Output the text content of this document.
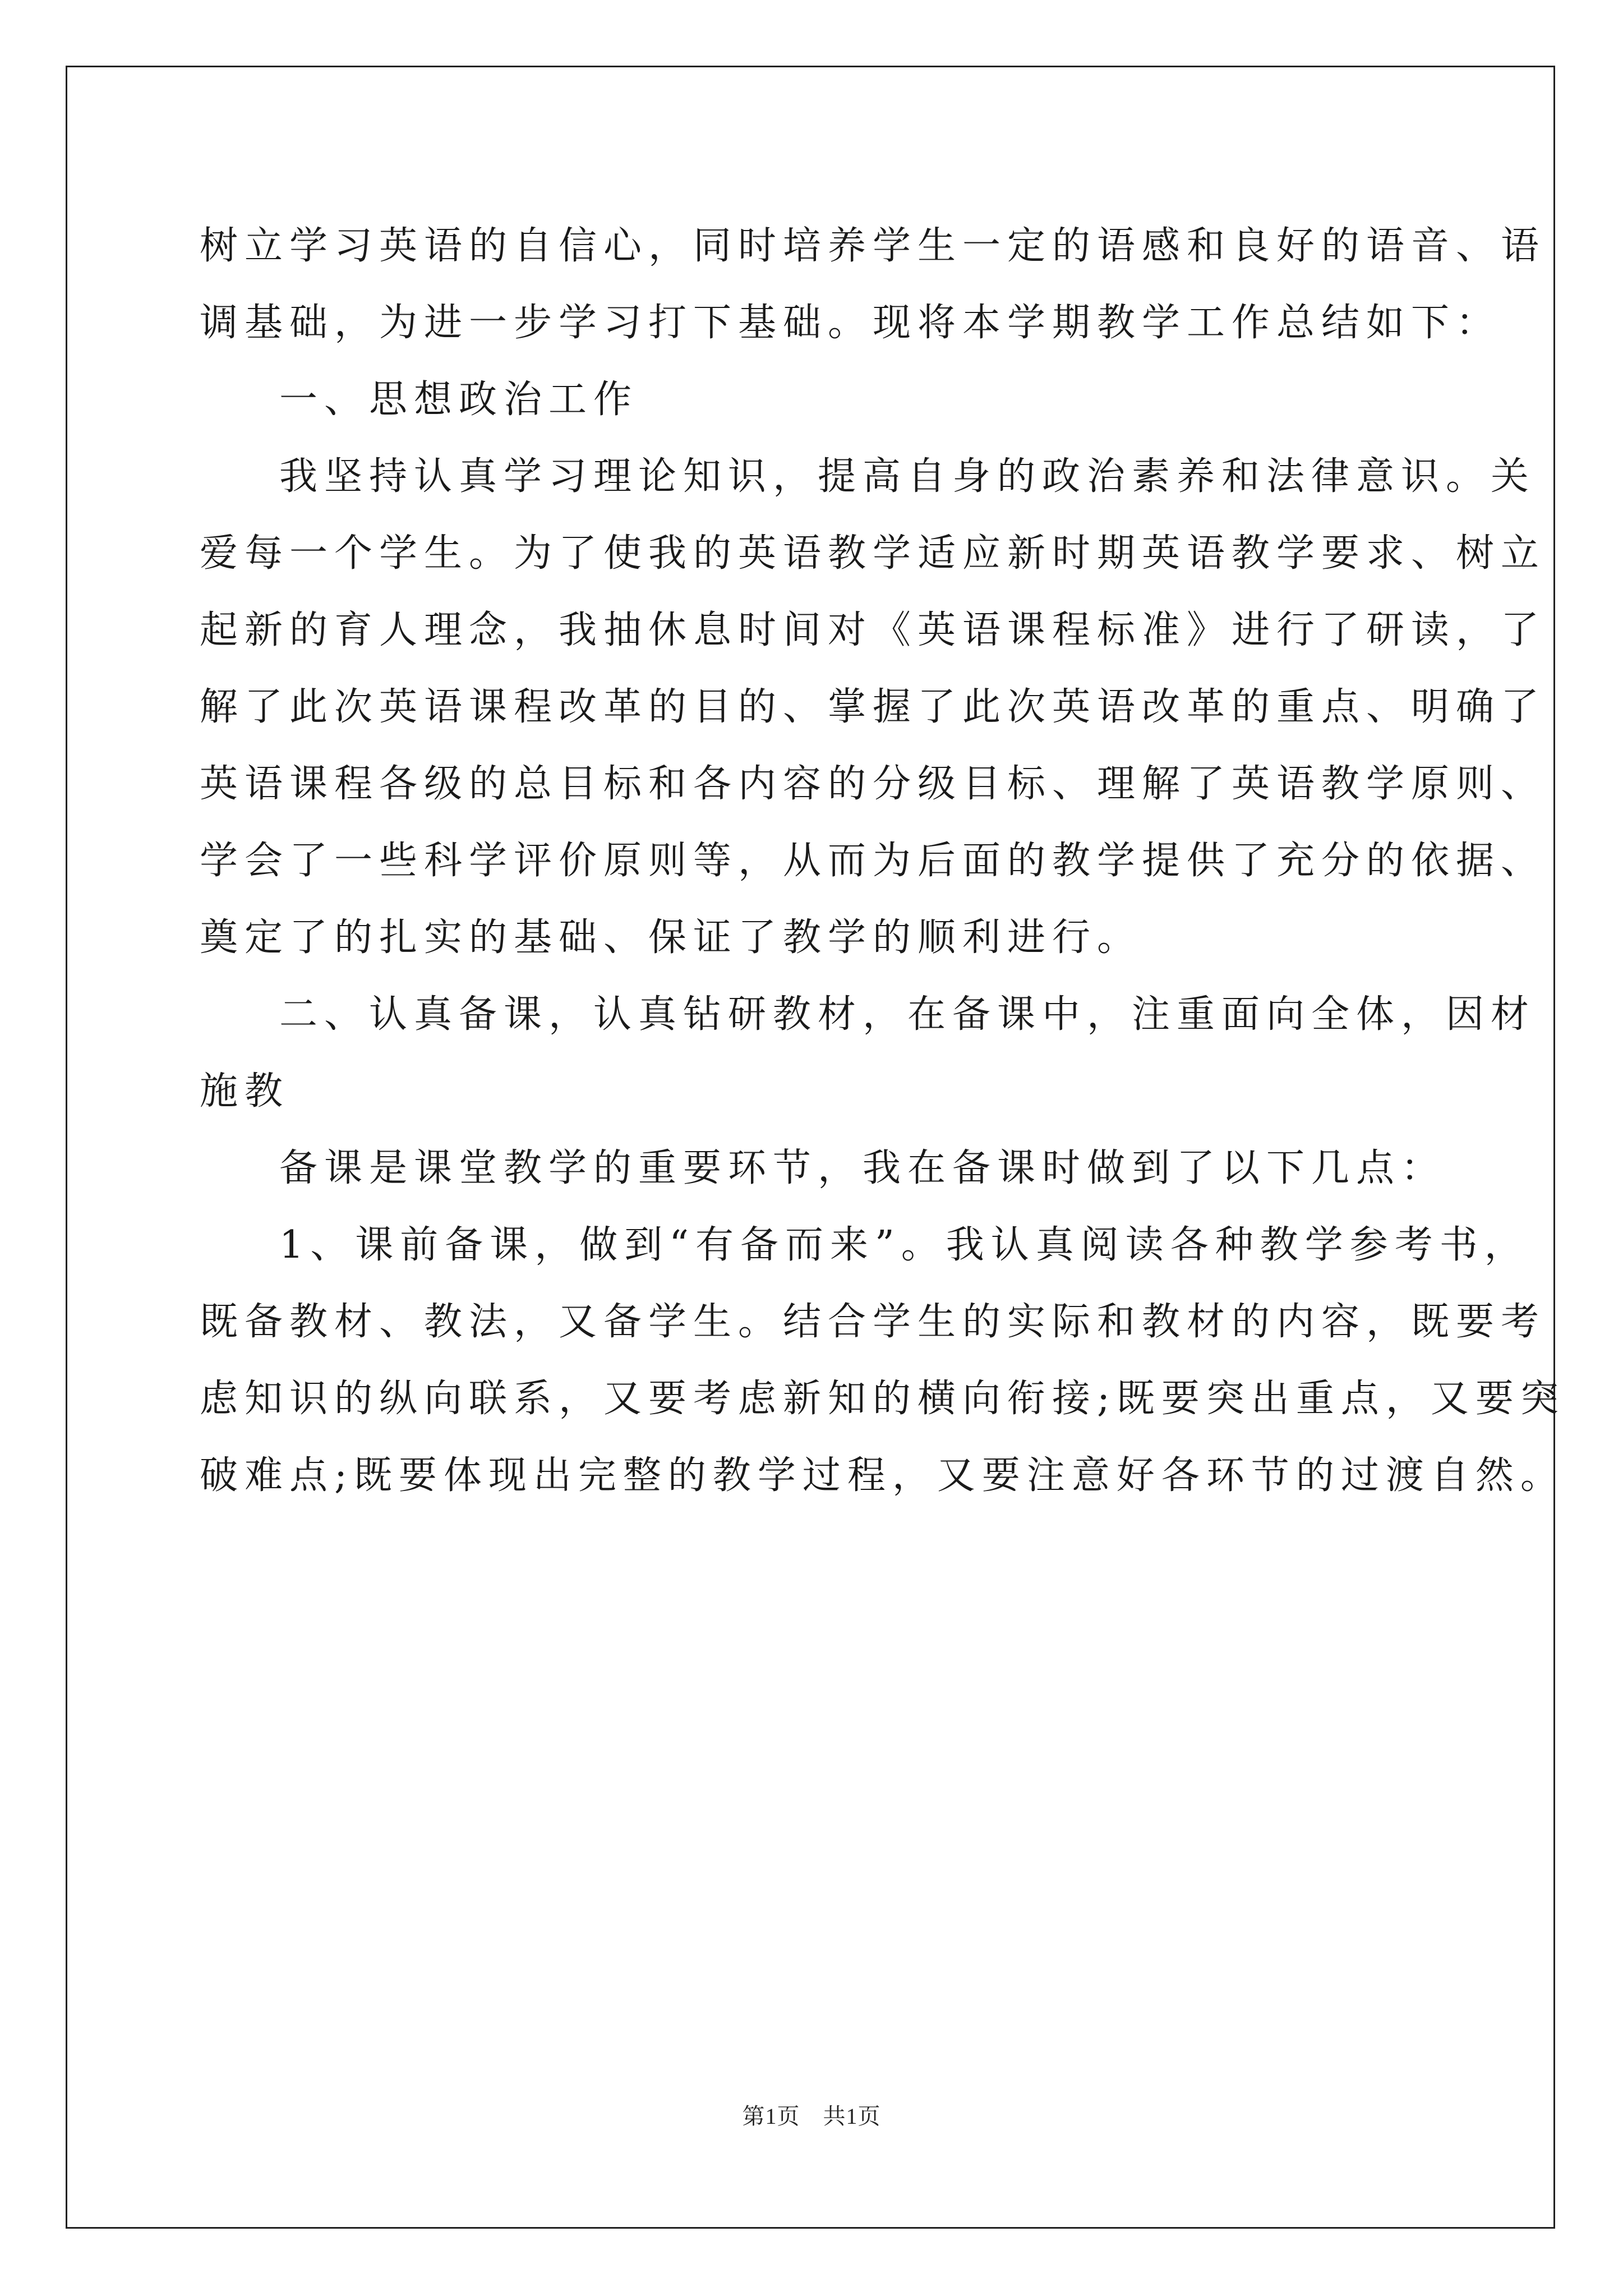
树立学习英语的自信心，同时培养学生一定的语感和良好的语音、语
调基础，为进一步学习打下基础。现将本学期教学工作总结如下：
一、思想政治工作
我坚持认真学习理论知识，提高自身的政治素养和法律意识。关
爱每一个学生。为了使我的英语教学适应新时期英语教学要求、树立
起新的育人理念，我抽休息时间对《英语课程标准》进行了研读，了
解了此次英语课程改革的目的、掌握了此次英语改革的重点、明确了
英语课程各级的总目标和各内容的分级目标、理解了英语教学原则、
学会了一些科学评价原则等，从而为后面的教学提供了充分的依据、
奠定了的扎实的基础、保证了教学的顺利进行。
二、认真备课，认真钻研教材，在备课中，注重面向全体，因材
施教
备课是课堂教学的重要环节，我在备课时做到了以下几点：
1、课前备课，做到“有备而来”。我认真阅读各种教学参考书，
既备教材、教法，又备学生。结合学生的实际和教材的内容，既要考
虑知识的纵向联系，又要考虑新知的横向衔接;既要突出重点，又要突
破难点;既要体现出完整的教学过程，又要注意好各环节的过渡自然。
第1页　共1页
